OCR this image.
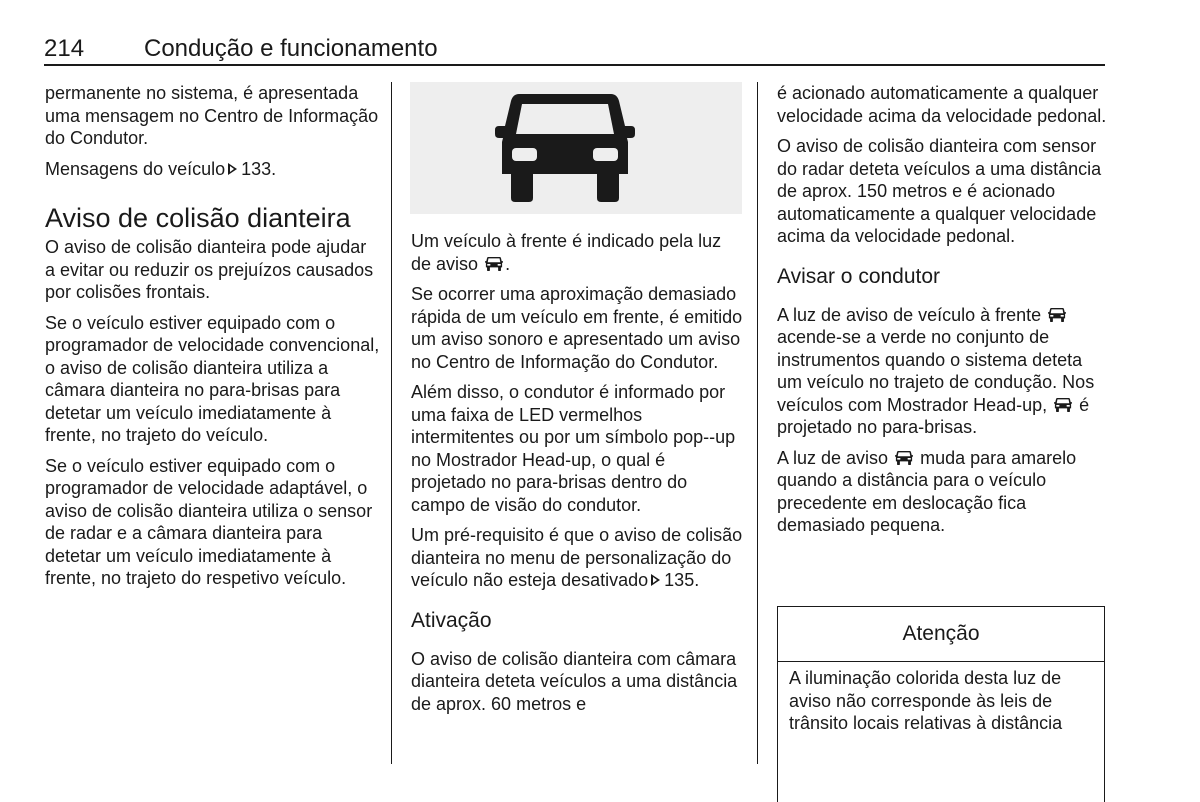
214 Condução e funcionamento

permanente no sistema, é apresentada uma mensagem no Centro de Informação do Condutor.

Mensagens do veículo 133.

Aviso de colisão dianteira

O aviso de colisão dianteira pode ajudar a evitar ou reduzir os prejuízos causados por colisões frontais.

Se o veículo estiver equipado com o programador de velocidade convencional, o aviso de colisão dianteira utiliza a câmara dianteira no para-brisas para detetar um veículo imediatamente à frente, no trajeto do veículo.

Se o veículo estiver equipado com o programador de velocidade adaptável, o aviso de colisão dianteira utiliza o sensor de radar e a câmara dianteira para detetar um veículo imediatamente à frente, no trajeto do respetivo veículo.

Um veículo à frente é indicado pela luz de aviso .

Se ocorrer uma aproximação demasiado rápida de um veículo em frente, é emitido um aviso sonoro e apresentado um aviso no Centro de Informação do Condutor.

Além disso, o condutor é informado por uma faixa de LED vermelhos intermitentes ou por um símbolo pop--up no Mostrador Head-up, o qual é projetado no para-brisas dentro do campo de visão do condutor.

Um pré-requisito é que o aviso de colisão dianteira no menu de personalização do veículo não esteja desativado 135.

Ativação

O aviso de colisão dianteira com câmara dianteira deteta veículos a uma distância de aprox. 60 metros e

é acionado automaticamente a qualquer velocidade acima da velocidade pedonal.

O aviso de colisão dianteira com sensor do radar deteta veículos a uma distância de aprox. 150 metros e é acionado automaticamente a qualquer velocidade acima da velocidade pedonal.

Avisar o condutor

A luz de aviso de veículo à frente  acende-se a verde no conjunto de instrumentos quando o sistema deteta um veículo no trajeto de condução. Nos veículos com Mostrador Head-up, é projetado no para-brisas.

A luz de aviso muda para amarelo quando a distância para o veículo precedente em deslocação fica demasiado pequena.

Atenção
A iluminação colorida desta luz de aviso não corresponde às leis de trânsito locais relativas à distância
